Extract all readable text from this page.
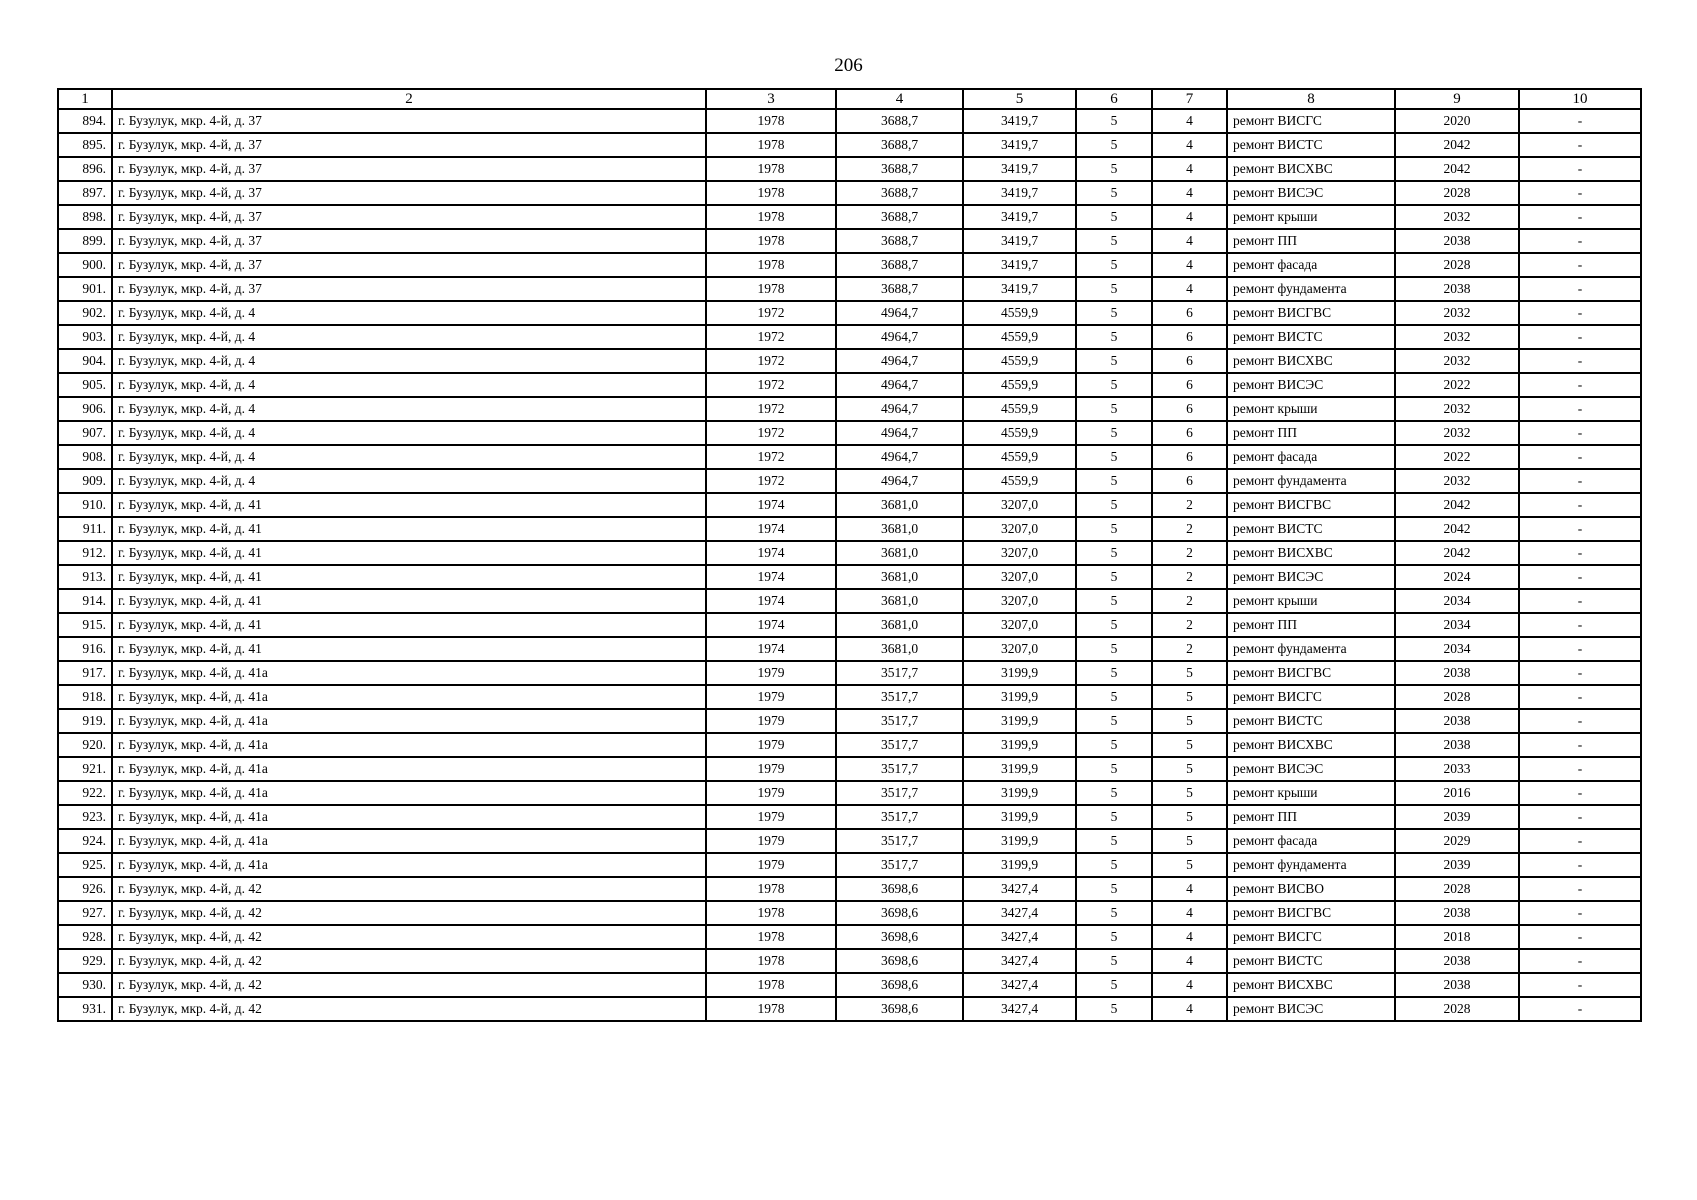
206
1	2	3	4	5	6	7	8	9	10
894.	г. Бузулук, мкр. 4-й, д. 37	1978	3688,7	3419,7	5	4	ремонт ВИСГС	2020	-
895.	г. Бузулук, мкр. 4-й, д. 37	1978	3688,7	3419,7	5	4	ремонт ВИСТС	2042	-
896.	г. Бузулук, мкр. 4-й, д. 37	1978	3688,7	3419,7	5	4	ремонт ВИСХВС	2042	-
897.	г. Бузулук, мкр. 4-й, д. 37	1978	3688,7	3419,7	5	4	ремонт ВИСЭС	2028	-
898.	г. Бузулук, мкр. 4-й, д. 37	1978	3688,7	3419,7	5	4	ремонт крыши	2032	-
899.	г. Бузулук, мкр. 4-й, д. 37	1978	3688,7	3419,7	5	4	ремонт ПП	2038	-
900.	г. Бузулук, мкр. 4-й, д. 37	1978	3688,7	3419,7	5	4	ремонт фасада	2028	-
901.	г. Бузулук, мкр. 4-й, д. 37	1978	3688,7	3419,7	5	4	ремонт фундамента	2038	-
902.	г. Бузулук, мкр. 4-й, д. 4	1972	4964,7	4559,9	5	6	ремонт ВИСГВС	2032	-
903.	г. Бузулук, мкр. 4-й, д. 4	1972	4964,7	4559,9	5	6	ремонт ВИСТС	2032	-
904.	г. Бузулук, мкр. 4-й, д. 4	1972	4964,7	4559,9	5	6	ремонт ВИСХВС	2032	-
905.	г. Бузулук, мкр. 4-й, д. 4	1972	4964,7	4559,9	5	6	ремонт ВИСЭС	2022	-
906.	г. Бузулук, мкр. 4-й, д. 4	1972	4964,7	4559,9	5	6	ремонт крыши	2032	-
907.	г. Бузулук, мкр. 4-й, д. 4	1972	4964,7	4559,9	5	6	ремонт ПП	2032	-
908.	г. Бузулук, мкр. 4-й, д. 4	1972	4964,7	4559,9	5	6	ремонт фасада	2022	-
909.	г. Бузулук, мкр. 4-й, д. 4	1972	4964,7	4559,9	5	6	ремонт фундамента	2032	-
910.	г. Бузулук, мкр. 4-й, д. 41	1974	3681,0	3207,0	5	2	ремонт ВИСГВС	2042	-
911.	г. Бузулук, мкр. 4-й, д. 41	1974	3681,0	3207,0	5	2	ремонт ВИСТС	2042	-
912.	г. Бузулук, мкр. 4-й, д. 41	1974	3681,0	3207,0	5	2	ремонт ВИСХВС	2042	-
913.	г. Бузулук, мкр. 4-й, д. 41	1974	3681,0	3207,0	5	2	ремонт ВИСЭС	2024	-
914.	г. Бузулук, мкр. 4-й, д. 41	1974	3681,0	3207,0	5	2	ремонт крыши	2034	-
915.	г. Бузулук, мкр. 4-й, д. 41	1974	3681,0	3207,0	5	2	ремонт ПП	2034	-
916.	г. Бузулук, мкр. 4-й, д. 41	1974	3681,0	3207,0	5	2	ремонт фундамента	2034	-
917.	г. Бузулук, мкр. 4-й, д. 41а	1979	3517,7	3199,9	5	5	ремонт ВИСГВС	2038	-
918.	г. Бузулук, мкр. 4-й, д. 41а	1979	3517,7	3199,9	5	5	ремонт ВИСГС	2028	-
919.	г. Бузулук, мкр. 4-й, д. 41а	1979	3517,7	3199,9	5	5	ремонт ВИСТС	2038	-
920.	г. Бузулук, мкр. 4-й, д. 41а	1979	3517,7	3199,9	5	5	ремонт ВИСХВС	2038	-
921.	г. Бузулук, мкр. 4-й, д. 41а	1979	3517,7	3199,9	5	5	ремонт ВИСЭС	2033	-
922.	г. Бузулук, мкр. 4-й, д. 41а	1979	3517,7	3199,9	5	5	ремонт крыши	2016	-
923.	г. Бузулук, мкр. 4-й, д. 41а	1979	3517,7	3199,9	5	5	ремонт ПП	2039	-
924.	г. Бузулук, мкр. 4-й, д. 41а	1979	3517,7	3199,9	5	5	ремонт фасада	2029	-
925.	г. Бузулук, мкр. 4-й, д. 41а	1979	3517,7	3199,9	5	5	ремонт фундамента	2039	-
926.	г. Бузулук, мкр. 4-й, д. 42	1978	3698,6	3427,4	5	4	ремонт ВИСВО	2028	-
927.	г. Бузулук, мкр. 4-й, д. 42	1978	3698,6	3427,4	5	4	ремонт ВИСГВС	2038	-
928.	г. Бузулук, мкр. 4-й, д. 42	1978	3698,6	3427,4	5	4	ремонт ВИСГС	2018	-
929.	г. Бузулук, мкр. 4-й, д. 42	1978	3698,6	3427,4	5	4	ремонт ВИСТС	2038	-
930.	г. Бузулук, мкр. 4-й, д. 42	1978	3698,6	3427,4	5	4	ремонт ВИСХВС	2038	-
931.	г. Бузулук, мкр. 4-й, д. 42	1978	3698,6	3427,4	5	4	ремонт ВИСЭС	2028	-
